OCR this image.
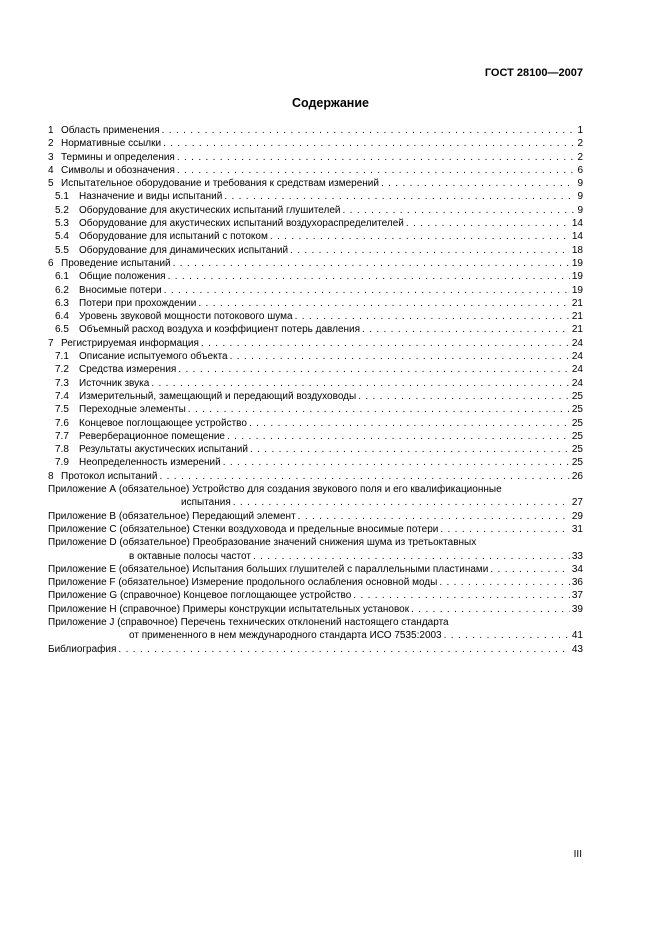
ГОСТ 28100—2007
Содержание
1 Область применения . . .	1
2 Нормативные ссылки . . .	2
3 Термины и определения . . .	2
4 Символы и обозначения . . .	6
5 Испытательное оборудование и требования к средствам измерений . . .	9
5.1	Назначение и виды испытаний . . .	9
5.2	Оборудование для акустических испытаний глушителей . . .	9
5.3	Оборудование для акустических испытаний воздухораспределителей . . .	14
5.4	Оборудование для испытаний с потоком . . .	14
5.5	Оборудование для динамических испытаний . . .	18
6 Проведение испытаний . . .	19
6.1	Общие положения . . .	19
6.2	Вносимые потери . . .	19
6.3	Потери при прохождении . . .	21
6.4	Уровень звуковой мощности потокового шума . . .	21
6.5	Объемный расход воздуха и коэффициент потерь давления . . .	21
7 Регистрируемая информация . . .	24
7.1	Описание испытуемого объекта . . .	24
7.2	Средства измерения . . .	24
7.3	Источник звука . . .	24
7.4	Измерительный, замещающий и передающий воздуховоды . . .	25
7.5	Переходные элементы . . .	25
7.6	Концевое поглощающее устройство . . .	25
7.7	Реверберационное помещение . . .	25
7.8	Результаты акустических испытаний . . .	25
7.9	Неопределенность измерений . . .	25
8 Протокол испытаний . . .	26
Приложение А (обязательное) Устройство для создания звукового поля и его квалификационные
испытания . . .	27
Приложение В (обязательное) Передающий элемент . . .	29
Приложение С (обязательное) Стенки воздуховода и предельные вносимые потери . . .	31
Приложение D (обязательное) Преобразование значений снижения шума из третьоктавных
в октавные полосы частот . . .	33
Приложение Е (обязательное) Испытания больших глушителей с параллельными пластинами . . .	34
Приложение F (обязательное) Измерение продольного ослабления основной моды . . .	36
Приложение G (справочное) Концевое поглощающее устройство . . .	37
Приложение Н (справочное) Примеры конструкции испытательных установок . . .	39
Приложение J (справочное) Перечень технических отклонений настоящего стандарта
от примененного в нем международного стандарта ИСО 7535:2003 . . .	41
Библиография . . .	43
III
